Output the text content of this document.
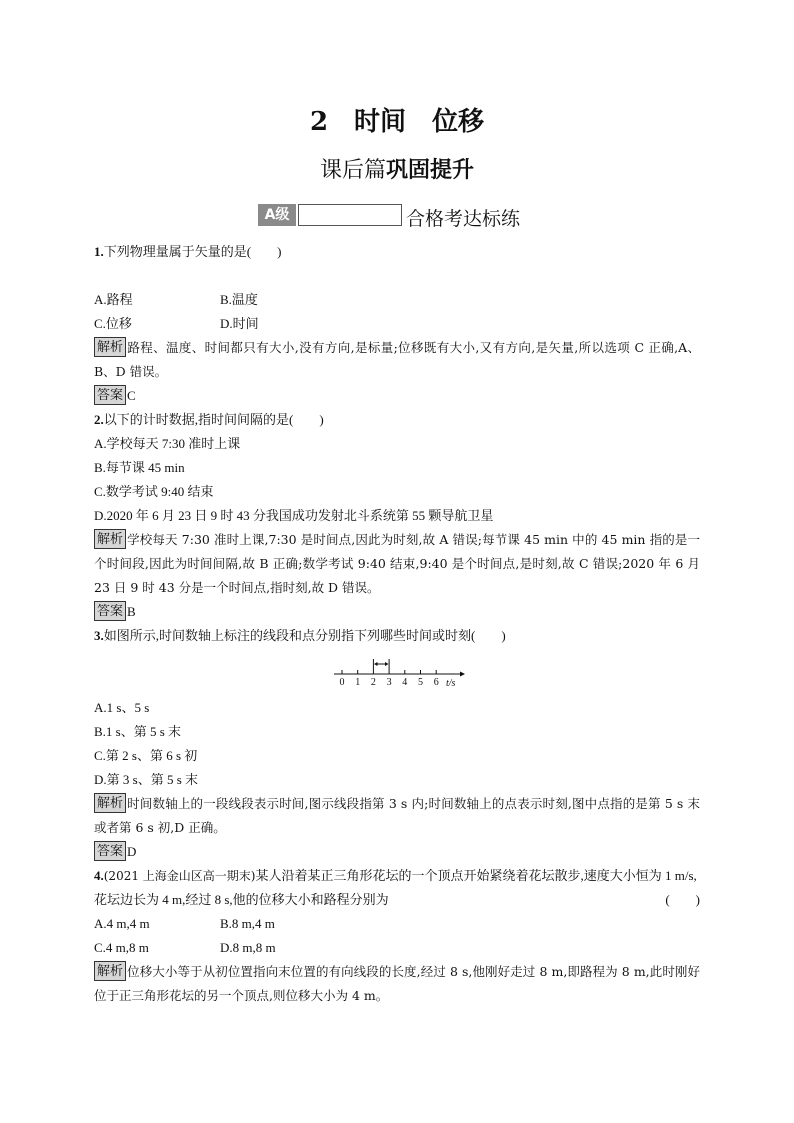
2　时间　位移
课后篇巩固提升
A级	合格考达标练
1.下列物理量属于矢量的是(　　)
A.路程	B.温度
C.位移	D.时间
解析 路程、温度、时间都只有大小,没有方向,是标量;位移既有大小,又有方向,是矢量,所以选项 C 正确,A、B、D 错误。
答案 C
2.以下的计时数据,指时间间隔的是(　　)
A.学校每天 7:30 准时上课
B.每节课 45 min
C.数学考试 9:40 结束
D.2020 年 6 月 23 日 9 时 43 分我国成功发射北斗系统第 55 颗导航卫星
解析 学校每天 7:30 准时上课,7:30 是时间点,因此为时刻,故 A 错误;每节课 45 min 中的 45 min 指的是一个时间段,因此为时间间隔,故 B 正确;数学考试 9:40 结束,9:40 是个时间点,是时刻,故 C 错误;2020 年 6 月 23 日 9 时 43 分是一个时间点,指时刻,故 D 错误。
答案 B
3.如图所示,时间数轴上标注的线段和点分别指下列哪些时间或时刻(　　)
0 1 2 3 4 5 6 t/s
A.1 s、5 s
B.1 s、第 5 s 末
C.第 2 s、第 6 s 初
D.第 3 s、第 5 s 末
解析 时间数轴上的一段线段表示时间,图示线段指第 3 s 内;时间数轴上的点表示时刻,图中点指的是第 5 s 末或者第 6 s 初,D 正确。
答案 D
4.(2021 上海金山区高一期末)某人沿着某正三角形花坛的一个顶点开始紧绕着花坛散步,速度大小恒为 1 m/s,花坛边长为 4 m,经过 8 s,他的位移大小和路程分别为	(　　)
A.4 m,4 m	B.8 m,4 m
C.4 m,8 m	D.8 m,8 m
解析 位移大小等于从初位置指向末位置的有向线段的长度,经过 8 s,他刚好走过 8 m,即路程为 8 m,此时刚好位于正三角形花坛的另一个顶点,则位移大小为 4 m。
